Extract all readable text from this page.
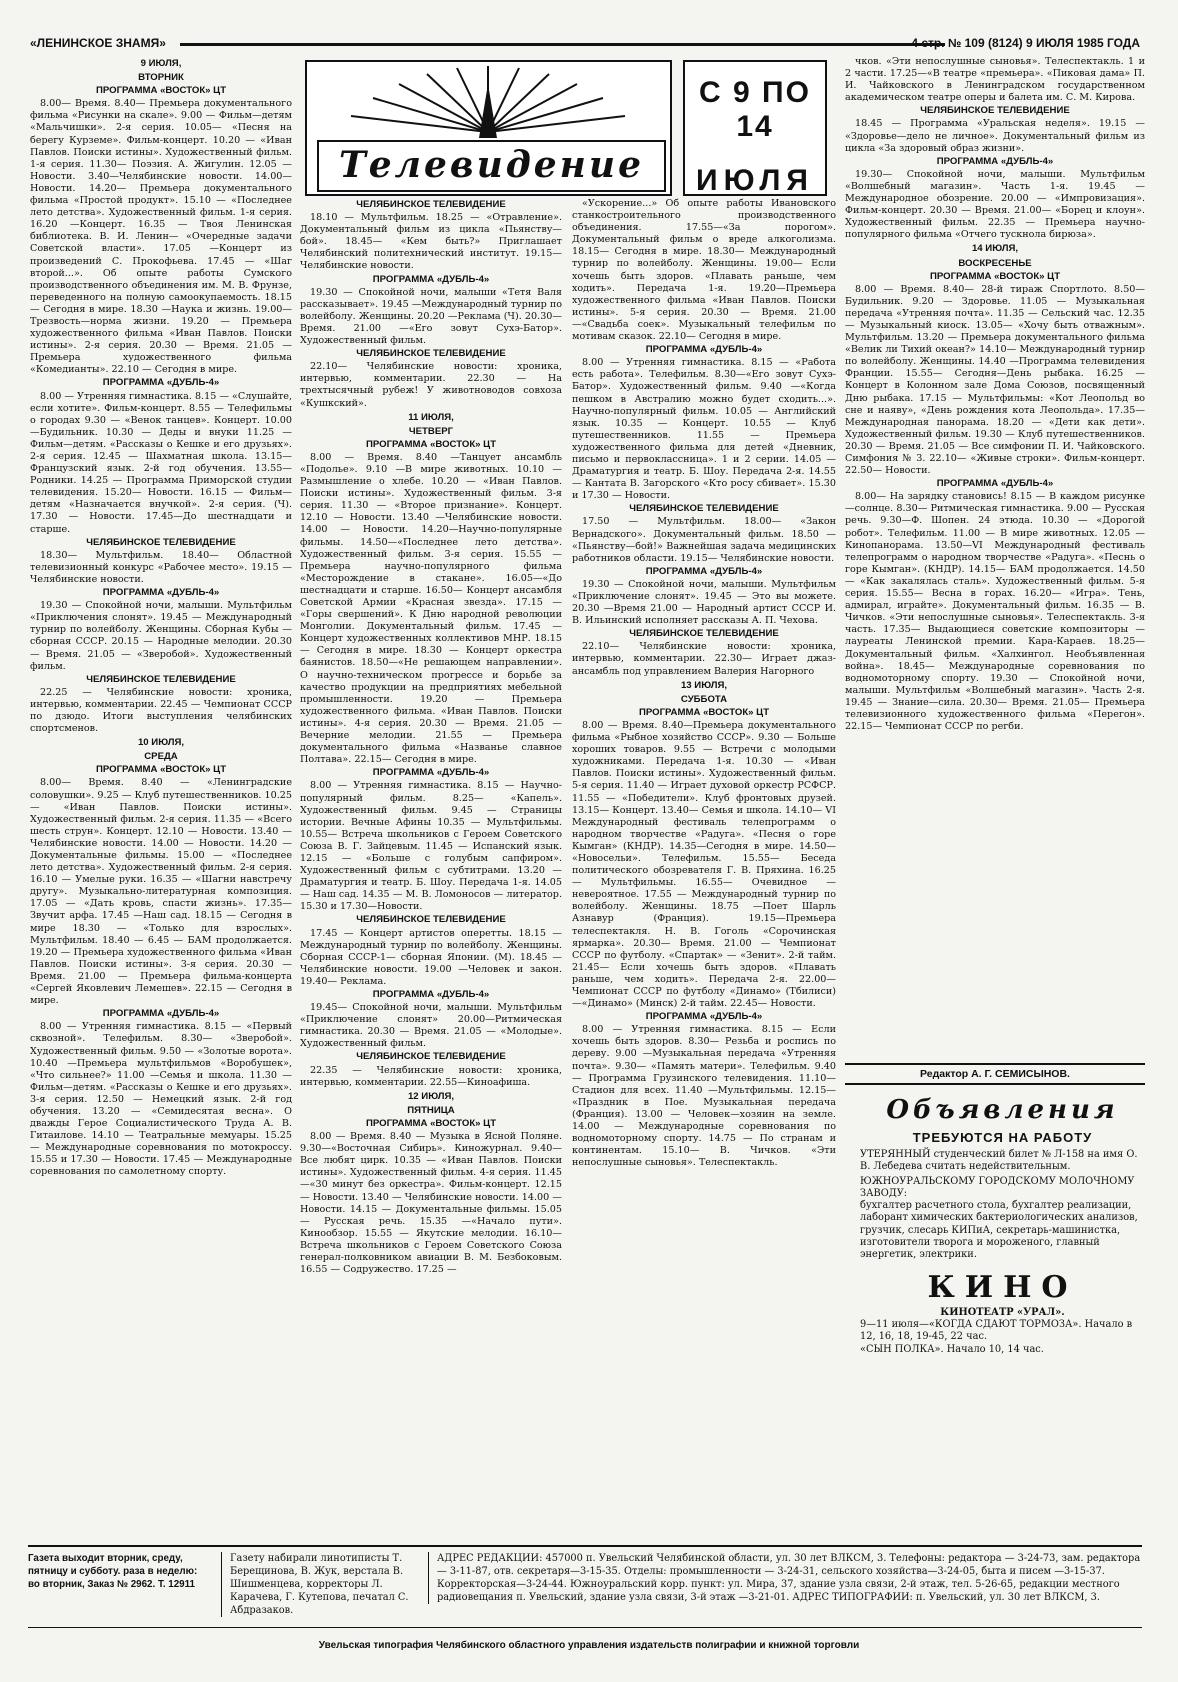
«ЛЕНИНСКОЕ ЗНАМЯ»	4 стр. № 109 (8124) 9 ИЮЛЯ 1985 ГОДА
9 ИЮЛЯ,
ВТОРНИК
ПРОГРАММА «ВОСТОК» ЦТ

8.00— Время. 8.40— Премьера документального фильма «Рисунки на скале». 9.00 — Фильм—детям «Мальчишки». 2-я серия. 10.05— «Песня на берегу Курземе». Фильм-концерт. 10.20 — «Иван Павлов. Поиски истины». Художественный фильм. 1-я серия. 11.30— Поэзия. А. Жигулин. 12.05 — Новости. 3.40—Челябинские новости. 14.00—Новости. 14.20— Премьера документального фильма «Простой продукт». 15.10 — «Последнее лето детства». Художественный фильм. 1-я серия. 16.20 —Концерт. 16.35 — Твоя Ленинская библиотека. В. И. Ленин— «Очередные задачи Советской власти». 17.05 —Концерт из произведений С. Прокофьева. 17.45 — «Шаг второй...». Об опыте работы Сумского производственного объединения им. М. В. Фрунзе, переведенного на полную самоокупаемость. 18.15 — Сегодня в мире. 18.30 —Наука и жизнь. 19.00— Трезвость—норма жизни. 19.20 — Премьера художественного фильма «Иван Павлов. Поиски истины». 2-я серия. 20.30 — Время. 21.05 — Премьера художественного фильма «Комедианты». 22.10 — Сегодня в мире.

ПРОГРАММА «ДУБЛЬ-4»

8.00 — Утренняя гимнастика. 8.15 — «Слушайте, если хотите». Фильм-концерт. 8.55 — Телефильмы о городах 9.30 — «Венок танцев». Концерт. 10.00 —Будильник. 10.30 — Деды и внуки 11.25 — Фильм—детям. «Рассказы о Кешке и его друзьях». 2-я серия. 12.45 — Шахматная школа. 13.15—Французский язык. 2-й год обучения. 13.55— Родники. 14.25 — Программа Приморской студии телевидения. 15.20— Новости. 16.15 — Фильм—детям «Назначается внучкой». 2-я серия. (Ч). 17.30 — Новости. 17.45—До шестнадцати и старше.

ЧЕЛЯБИНСКОЕ ТЕЛЕВИДЕНИЕ

18.30— Мультфильм. 18.40— Областной телевизионный конкурс «Рабочее место». 19.15 — Челябинские новости.

ПРОГРАММА «ДУБЛЬ-4»

19.30 — Спокойной ночи, малыши. Мультфильм «Приключения слонят». 19.45 — Международный турнир по волейболу. Женщины. Сборная Кубы — сборная СССР. 20.15 — Народные мелодии. 20.30 — Время. 21.05 — «Зверобой». Художественный фильм.

ЧЕЛЯБИНСКОЕ ТЕЛЕВИДЕНИЕ

22.25 — Челябинские новости: хроника, интервью, комментарии. 22.45 — Чемпионат СССР по дзюдо. Итоги выступления челябинских спортсменов.

10 ИЮЛЯ,
СРЕДА
ПРОГРАММА «ВОСТОК» ЦТ

8.00— Время. 8.40 — «Ленинградские соловушки». 9.25 — Клуб путешественников. 10.25 — «Иван Павлов. Поиски истины». Художественный фильм. 2-я серия. 11.35 — «Всего шесть струн». Концерт. 12.10 — Новости. 13.40 —Челябинские новости. 14.00 — Новости. 14.20 —Документальные фильмы. 15.00 — «Последнее лето детства». Художественный фильм. 2-я серия. 16.10 — Умелые руки. 16.35 — «Шагни навстречу другу». Музыкально-литературная композиция. 17.05 — «Дать кровь, спасти жизнь». 17.35— Звучит арфа. 17.45 —Наш сад. 18.15 — Сегодня в мире 18.30 — «Только для взрослых». Мультфильм. 18.40 — 6.45 — БАМ продолжается. 19.20 — Премьера художественного фильма «Иван Павлов. Поиски истины». 3-я серия. 20.30 — Время. 21.00 — Премьера фильма-концерта «Сергей Яковлевич Лемешев». 22.15 — Сегодня в мире.

ПРОГРАММА «ДУБЛЬ-4»

8.00 — Утренняя гимнастика. 8.15 — «Первый сквозной». Телефильм. 8.30— «Зверобой». Художественный фильм. 9.50 — «Золотые ворота». 10.40 —Премьера мультфильмов «Воробушек», «Что сильнее?» 11.00 —Семья и школа. 11.30 — Фильм—детям. «Рассказы о Кешке и его друзьях». 3-я серия. 12.50 — Немецкий язык. 2-й год обучения. 13.20 — «Семидесятая весна». О дважды Герое Социалистического Труда А. В. Гитаилове. 14.10 — Театральные мемуары. 15.25 — Международные соревнования по мотокроссу. 15.55 и 17.30 — Новости. 17.45 — Международные соревнования по самолетному спорту.

ЧЕЛЯБИНСКОЕ ТЕЛЕВИДЕНИЕ

18.10 — Мультфильм. 18.25 — «Отравление». Документальный фильм из цикла «Пьянству—бой». 18.45— «Кем быть?» Приглашает Челябинский политехнический институт. 19.15— Челябинские новости.

ПРОГРАММА «ДУБЛЬ-4»

19.30 — Спокойной ночи, малыши «Тетя Валя рассказывает». 19.45 —Международный турнир по волейболу. Женщины. 20.20 —Реклама (Ч). 20.30— Время. 21.00 —«Его зовут Сухэ-Батор». Художественный фильм.

ЧЕЛЯБИНСКОЕ ТЕЛЕВИДЕНИЕ

22.10— Челябинские новости: хроника, интервью, комментарии. 22.30 — На трехтысячный рубеж! У животноводов совхоза «Кушкский».

11 ИЮЛЯ,
ЧЕТВЕРГ
ПРОГРАММА «ВОСТОК» ЦТ

8.00 — Время. 8.40 —Танцует ансамбль «Подолье». 9.10 —В мире животных. 10.10 —Размышление о хлебе. 10.20 — «Иван Павлов. Поиски истины». Художественный фильм. 3-я серия. 11.30 — «Второе признание». Концерт. 12.10 — Новости. 13.40 —Челябинские новости. 14.00 — Новости. 14.20—Научно-популярные фильмы. 14.50—«Последнее лето детства». Художественный фильм. 3-я серия. 15.55 — Премьера научно-популярного фильма «Месторождение в стакане». 16.05—«До шестнадцати и старше. 16.50— Концерт ансамбля Советской Армии «Красная звезда». 17.15 — «Горы свершений». К Дню народной революции Монголии. Документальный фильм. 17.45 — Концерт художественных коллективов МНР. 18.15— Сегодня в мире. 18.30 — Концерт оркестра баянистов. 18.50—«Не решающем направлении». О научно-техническом прогрессе и борьбе за качество продукции на предприятиях мебельной промышленности. 19.20 — Премьера художественного фильма. «Иван Павлов. Поиски истины». 4-я серия. 20.30 — Время. 21.05 — Вечерние мелодии. 21.55 — Премьера документального фильма «Названье славное Полтава». 22.15— Сегодня в мире.

ПРОГРАММА «ДУБЛЬ-4»

8.00 — Утренняя гимнастика. 8.15 — Научно-популярный фильм. 8.25— «Капель». Художественный фильм. 9.45 — Страницы истории. Вечные Афины 10.35 — Мультфильмы. 10.55— Встреча школьников с Героем Советского Союза В. Г. Зайцевым. 11.45 — Испанский язык. 12.15 — «Больше с голубым сапфиром». Художественный фильм с субтитрами. 13.20 — Драматургия и театр. Б. Шоу. Передача 1-я. 14.05 — Наш сад. 14.35 — М. В. Ломоносов — литератор. 15.30 и 17.30—Новости.

ЧЕЛЯБИНСКОЕ ТЕЛЕВИДЕНИЕ

17.45 — Концерт артистов оперетты. 18.15 — Международный турнир по волейболу. Женщины. Сборная СССР-1— сборная Японии. (М). 18.45 —Челябинские новости. 19.00 —Человек и закон. 19.40— Реклама.

ПРОГРАММА «ДУБЛЬ-4»

19.45— Спокойной ночи, малыши. Мультфильм «Приключение слонят» 20.00—Ритмическая гимнастика. 20.30 — Время. 21.05 — «Молодые». Художественный фильм.

ЧЕЛЯБИНСКОЕ ТЕЛЕВИДЕНИЕ

22.35 — Челябинские новости: хроника, интервью, комментарии. 22.55—Киноафиша.

12 ИЮЛЯ,
ПЯТНИЦА
ПРОГРАММА «ВОСТОК» ЦТ

8.00 — Время. 8.40 — Музыка в Ясной Поляне. 9.30—«Восточная Сибирь». Киножурнал. 9.40— Все любят цирк. 10.35 — «Иван Павлов. Поиски истины». Художественный фильм. 4-я серия. 11.45—«30 минут без оркестра». Фильм-концерт. 12.15— Новости. 13.40 — Челябинские новости. 14.00 — Новости. 14.15 — Документальные фильмы. 15.05 — Русская речь. 15.35 —«Начало пути». Кинообзор. 15.55 — Якутские мелодии. 16.10— Встреча школьников с Героем Советского Союза генерал-полковником авиации В. М. Безбоковым. 16.55 — Содружество. 17.25 —

«Ускорение...» Об опыте работы Ивановского станкостроительного производственного объединения. 17.55—«За порогом». Документальный фильм о вреде алкоголизма. 18.15— Сегодня в мире. 18.30— Международный турнир по волейболу. Женщины. 19.00— Если хочешь быть здоров. «Плавать раньше, чем ходить». Передача 1-я. 19.20—Премьера художественного фильма «Иван Павлов. Поиски истины». 5-я серия. 20.30 — Время. 21.00 —«Свадьба соек». Музыкальный телефильм по мотивам сказок. 22.10— Сегодня в мире.

ПРОГРАММА «ДУБЛЬ-4»

8.00 — Утренняя гимнастика. 8.15 — «Работа есть работа». Телефильм. 8.30—«Его зовут Сухэ-Батор». Художественный фильм. 9.40 —«Когда пешком в Австралию можно будет сходить...». Научно-популярный фильм. 10.05 — Английский язык. 10.35 — Концерт. 10.55 — Клуб путешественников. 11.55 — Премьера художественного фильма для детей «Дневник, письмо и первоклассница». 1 и 2 серии. 14.05 — Драматургия и театр. Б. Шоу. Передача 2-я. 14.55 — Кантата В. Загорского «Кто росу сбивает». 15.30 и 17.30 — Новости.

ЧЕЛЯБИНСКОЕ ТЕЛЕВИДЕНИЕ

17.50 — Мультфильм. 18.00— «Закон Вернадского». Документальный фильм. 18.50 — «Пьянству—бой!» Важнейшая задача медицинских работников области. 19.15— Челябинские новости.

ПРОГРАММА «ДУБЛЬ-4»

19.30 — Спокойной ночи, малыши. Мультфильм «Приключение слонят». 19.45 — Это вы можете. 20.30 —Время 21.00 — Народный артист СССР И. В. Ильинский исполняет рассказы А. П. Чехова.

ЧЕЛЯБИНСКОЕ ТЕЛЕВИДЕНИЕ

22.10— Челябинские новости: хроника, интервью, комментарии. 22.30— Играет джаз-ансамбль под управлением Валерия Нагорного

13 ИЮЛЯ,
СУББОТА
ПРОГРАММА «ВОСТОК» ЦТ

8.00 — Время. 8.40—Премьера документального фильма «Рыбное хозяйство СССР». 9.30 — Больше хороших товаров. 9.55 — Встречи с молодыми художниками. Передача 1-я. 10.30 — «Иван Павлов. Поиски истины». Художественный фильм. 5-я серия. 11.40 — Играет духовой оркестр РСФСР. 11.55 — «Победители». Клуб фронтовых друзей. 13.15— Концерт. 13.40— Семья и школа. 14.10— VI Международный фестиваль телепрограмм о народном творчестве «Радуга». «Песня о горе Кымган» (КНДР). 14.35—Сегодня в мире. 14.50— «Новосельи». Телефильм. 15.55— Беседа политического обозревателя Г. В. Пряхина. 16.25— Мультфильмы. 16.55— Очевидное —невероятное. 17.55 — Международный турнир по волейболу. Женщины. 18.75 —Поет Шарль Азнавур (Франция). 19.15—Премьера телеспектакля. Н. В. Гоголь «Сорочинская ярмарка». 20.30— Время. 21.00 — Чемпионат СССР по футболу. «Спартак» — «Зенит». 2-й тайм. 21.45— Если хочешь быть здоров. «Плавать раньше, чем ходить». Передача 2-я. 22.00— Чемпионат СССР по футболу «Динамо» (Тбилиси)—«Динамо» (Минск) 2-й тайм. 22.45— Новости.

ПРОГРАММА «ДУБЛЬ-4»

8.00 — Утренняя гимнастика. 8.15 — Если хочешь быть здоров. 8.30— Резьба и роспись по дереву. 9.00 —Музыкальная передача «Утренняя почта». 9.30— «Память матери». Телефильм. 9.40— Программа Грузинского телевидения. 11.10— Стадион для всех. 11.40 —Мультфильмы. 12.15— «Праздник в Пое. Музыкальная передача (Франция). 13.00 — Человек—хозяин на земле. 14.00 — Международные соревнования по водномоторному спорту. 14.75 — По странам и континентам. 15.10— В. Чичков. «Эти непослушные сыновья». Телеспектакль.

чков. «Эти непослушные сыновья». Телеспектакль. 1 и 2 части. 17.25—«В театре «премьера». «Пиковая дама» П. И. Чайковского в Ленинградском государственном академическом театре оперы и балета им. С. М. Кирова.

ЧЕЛЯБИНСКОЕ ТЕЛЕВИДЕНИЕ

18.45 — Программа «Уральская неделя». 19.15 — «Здоровье—дело не личное». Документальный фильм из цикла «За здоровый образ жизни».

ПРОГРАММА «ДУБЛЬ-4»

19.30— Спокойной ночи, малыши. Мультфильм «Волшебный магазин». Часть 1-я. 19.45 — Международное обозрение. 20.00 — «Импровизация». Фильм-концерт. 20.30 — Время. 21.00— «Борец и клоун». Художественный фильм. 22.35 — Премьера научно-популярного фильма «Отчего тускнола бирюза».

14 ИЮЛЯ,
ВОСКРЕСЕНЬЕ
ПРОГРАММА «ВОСТОК» ЦТ

8.00 — Время. 8.40— 28-й тираж Спортлото. 8.50— Будильник. 9.20 — Здоровье. 11.05 — Музыкальная передача «Утренняя почта». 11.35 — Сельский час. 12.35 — Музыкальный киоск. 13.05— «Хочу быть отважным». Мультфильм. 13.20 — Премьера документального фильма «Велик ли Тихий океан?» 14.10— Международный турнир по волейболу. Женщины. 14.40 —Программа телевидения Франции. 15.55— Сегодня—День рыбака. 16.25 — Концерт в Колонном зале Дома Союзов, посвященный Дню рыбака. 17.15 — Мультфильмы: «Кот Леопольд во сне и наяву», «День рождения кота Леопольда». 17.35—Международная панорама. 18.20 — «Дети как дети». Художественный фильм. 19.30 — Клуб путешественников. 20.30 — Время. 21.05 — Все симфонии П. И. Чайковского. Симфония № 3. 22.10— «Живые строки». Фильм-концерт. 22.50— Новости.

ПРОГРАММА «ДУБЛЬ-4»

8.00— На зарядку становись! 8.15 — В каждом рисунке—солнце. 8.30— Ритмическая гимнастика. 9.00 — Русская речь. 9.30—Ф. Шопен. 24 этюда. 10.30 — «Дорогой робот». Телефильм. 11.00 — В мире животных. 12.05 —Кинопанорама. 13.50—VI Международный фестиваль телепрограмм о народном творчестве «Радуга». «Песнь о горе Кымган». (КНДР). 14.15— БАМ продолжается. 14.50— «Как закалялась сталь». Художественный фильм. 5-я серия. 15.55— Весна в горах. 16.20— «Игра». Тень, адмирал, играйте». Документальный фильм. 16.35 — В. Чичков. «Эти непослушные сыновья». Телеспектакль. 3-я часть. 17.35— Выдающиеся советские композиторы — лауреаты Ленинской премии. Кара-Караев. 18.25— Документальный фильм. «Халхингол. Необъявленная война». 18.45— Международные соревнования по водномоторному спорту. 19.30 — Спокойной ночи, малыши. Мультфильм «Волшебный магазин». Часть 2-я. 19.45 — Знание—сила. 20.30— Время. 21.05— Премьера телевизионного художественного фильма «Перегон». 22.15— Чемпионат СССР по регби.

Телевидение
С 9 ПО 14
ИЮЛЯ
Редактор А. Г. СЕМИСЫНОВ.
Объявления
ТРЕБУЮТСЯ НА РАБОТУ
УТЕРЯННЫЙ студенческий билет № Л-158 на имя О. В. Лебедева считать недействительным.
ЮЖНОУРАЛЬСКОМУ ГОРОДСКОМУ МОЛОЧНОМУ ЗАВОДУ:
бухгалтер расчетного стола, бухгалтер реализации, лаборант химических бактериологических анализов, грузчик, слесарь КИПиА, секретарь-машинистка, изготовители творога и мороженого, главный энергетик, электрики.
КИНО
КИНОТЕАТР «УРАЛ».
9—11 июля—«КОГДА СДАЮТ ТОРМОЗА». Начало в 12, 16, 18, 19-45, 22 час.
«СЫН ПОЛКА». Начало 10, 14 час.
Газета выходит вторник, среду, пятницу и субботу. раза в неделю: во вторник, Заказ № 2962. Т. 12911
Газету набирали линотиписты Т. Берещинова, В. Жук, верстала В. Шишменцева, корректоры Л. Карачева, Г. Кутепова, печатал С. Абдразаков.
АДРЕС РЕДАКЦИИ: 457000 п. Увельский Челябинской области, ул. 30 лет ВЛКСМ, 3. Телефоны: редактора — 3-24-73, зам. редактора — 3-11-87, отв. секретаря—3-15-35. Отделы: промышленности — 3-24-31, сельского хозяйства—3-24-05, быта и писем —3-15-37. Корректорская—3-24-44. Южноуральский корр. пункт: ул. Мира, 37, здание узла связи, 2-й этаж, тел. 5-26-65, редакции местного радиовещания п. Увельский, здание узла связи, 3-й этаж —3-21-01. АДРЕС ТИПОГРАФИИ: п. Увельский, ул. 30 лет ВЛКСМ, 3.
Увельская типография Челябинского областного управления издательств полиграфии и книжной торговли
